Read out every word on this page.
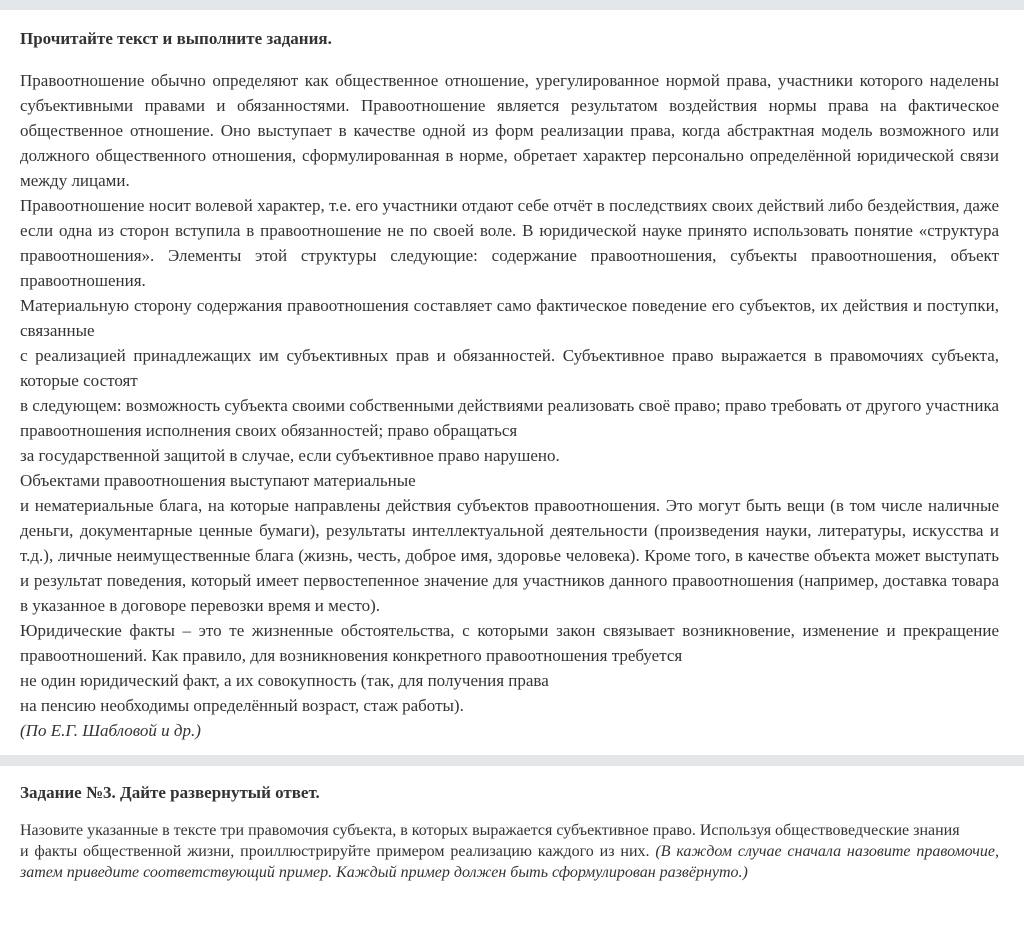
Прочитайте текст и выполните задания.

Правоотношение обычно определяют как общественное отношение, урегулированное нормой права, участники которого наделены субъективными правами и обязанностями. Правоотношение является результатом воздействия нормы права на фактическое общественное отношение. Оно выступает в качестве одной из форм реализации права, когда абстрактная модель возможного или должного общественного отношения, сформулированная в норме, обретает характер персонально определённой юридической связи между лицами.

Правоотношение носит волевой характер, т.е. его участники отдают себе отчёт в последствиях своих действий либо бездействия, даже если одна из сторон вступила в правоотношение не по своей воле. В юридической науке принято использовать понятие «структура правоотношения». Элементы этой структуры следующие: содержание правоотношения, субъекты правоотношения, объект правоотношения.

Материальную сторону содержания правоотношения составляет само фактическое поведение его субъектов, их действия и поступки, связанные

с реализацией принадлежащих им субъективных прав и обязанностей. Субъективное право выражается в правомочиях субъекта, которые состоят

в следующем: возможность субъекта своими собственными действиями реализовать своё право; право требовать от другого участника правоотношения исполнения своих обязанностей; право обращаться

за государственной защитой в случае, если субъективное право нарушено.

Объектами правоотношения выступают материальные

и нематериальные блага, на которые направлены действия субъектов правоотношения. Это могут быть вещи (в том числе наличные деньги, документарные ценные бумаги), результаты интеллектуальной деятельности (произведения науки, литературы, искусства и т.д.), личные неимущественные блага (жизнь, честь, доброе имя, здоровье человека). Кроме того, в качестве объекта может выступать и результат поведения, который имеет первостепенное значение для участников данного правоотношения (например, доставка товара в указанное в договоре перевозки время и место).

Юридические факты – это те жизненные обстоятельства, с которыми закон связывает возникновение, изменение и прекращение правоотношений. Как правило, для возникновения конкретного правоотношения требуется

не один юридический факт, а их совокупность (так, для получения права

на пенсию необходимы определённый возраст, стаж работы).

(По Е.Г. Шабловой и др.)

Задание №3. Дайте развернутый ответ.

Назовите указанные в тексте три правомочия субъекта, в которых выражается субъективное право. Используя обществоведческие знания

и факты общественной жизни, проиллюстрируйте примером реализацию каждого из них. (В каждом случае сначала назовите правомочие, затем приведите соответствующий пример. Каждый пример должен быть сформулирован развёрнуто.)
